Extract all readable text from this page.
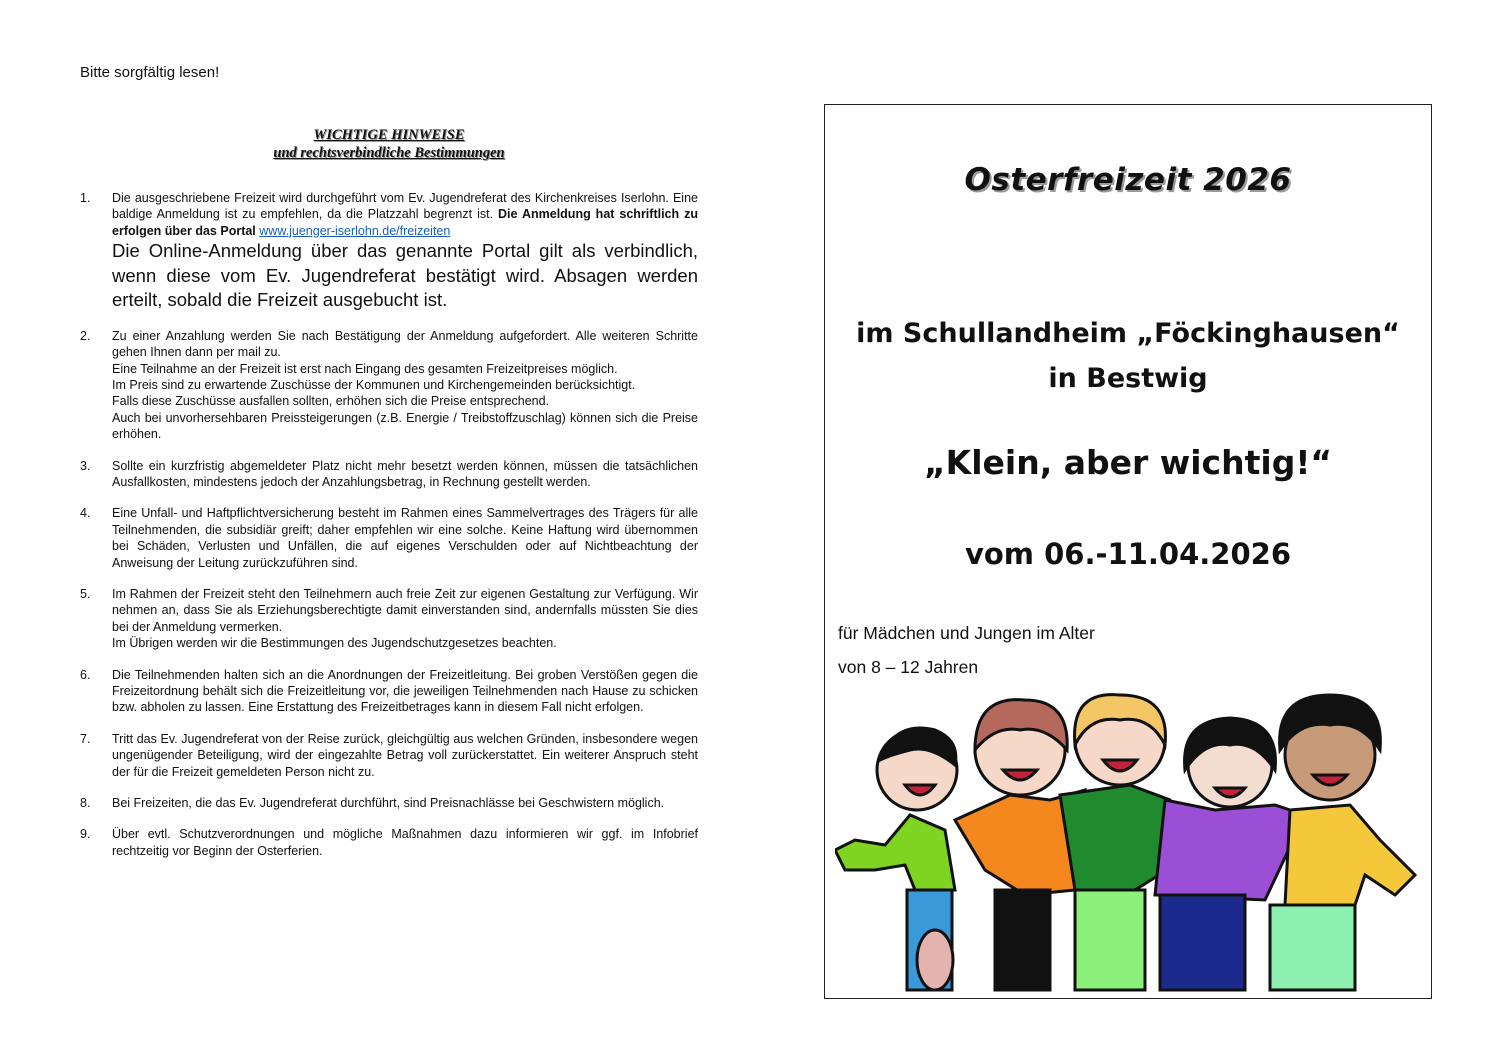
Bitte sorgfältig lesen!
WICHTIGE HINWEISE
und rechtsverbindliche Bestimmungen
1. Die ausgeschriebene Freizeit wird durchgeführt vom Ev. Jugendreferat des Kirchenkreises Iserlohn. Eine baldige Anmeldung ist zu empfehlen, da die Platzzahl begrenzt ist. Die Anmeldung hat schriftlich zu erfolgen über das Portal www.juenger-iserlohn.de/freizeiten

Die Online-Anmeldung über das genannte Portal gilt als verbindlich, wenn diese vom Ev. Jugendreferat bestätigt wird. Absagen werden erteilt, sobald die Freizeit ausgebucht ist.

2. Zu einer Anzahlung werden Sie nach Bestätigung der Anmeldung aufgefordert. Alle weiteren Schritte gehen Ihnen dann per mail zu.

Eine Teilnahme an der Freizeit ist erst nach Eingang des gesamten Freizeitpreises möglich.

Im Preis sind zu erwartende Zuschüsse der Kommunen und Kirchengemeinden berücksichtigt.

Falls diese Zuschüsse ausfallen sollten, erhöhen sich die Preise entsprechend.

Auch bei unvorhersehbaren Preissteigerungen (z.B. Energie / Treibstoffzuschlag) können sich die Preise erhöhen.

3. Sollte ein kurzfristig abgemeldeter Platz nicht mehr besetzt werden können, müssen die tatsächlichen Ausfallkosten, mindestens jedoch der Anzahlungsbetrag, in Rechnung gestellt werden.

4. Eine Unfall- und Haftpflichtversicherung besteht im Rahmen eines Sammelvertrages des Trägers für alle Teilnehmenden, die subsidiär greift; daher empfehlen wir eine solche. Keine Haftung wird übernommen bei Schäden, Verlusten und Unfällen, die auf eigenes Verschulden oder auf Nichtbeachtung der Anweisung der Leitung zurückzuführen sind.

5. Im Rahmen der Freizeit steht den Teilnehmern auch freie Zeit zur eigenen Gestaltung zur Verfügung. Wir nehmen an, dass Sie als Erziehungsberechtigte damit einverstanden sind, andernfalls müssten Sie dies bei der Anmeldung vermerken.

Im Übrigen werden wir die Bestimmungen des Jugendschutzgesetzes beachten.

6. Die Teilnehmenden halten sich an die Anordnungen der Freizeitleitung. Bei groben Verstößen gegen die Freizeitordnung behält sich die Freizeitleitung vor, die jeweiligen Teilnehmenden nach Hause zu schicken bzw. abholen zu lassen. Eine Erstattung des Freizeitbetrages kann in diesem Fall nicht erfolgen.

7. Tritt das Ev. Jugendreferat von der Reise zurück, gleichgültig aus welchen Gründen, insbesondere wegen ungenügender Beteiligung, wird der eingezahlte Betrag voll zurückerstattet. Ein weiterer Anspruch steht der für die Freizeit gemeldeten Person nicht zu.

8. Bei Freizeiten, die das Ev. Jugendreferat durchführt, sind Preisnachlässe bei Geschwistern möglich.

9. Über evtl. Schutzverordnungen und mögliche Maßnahmen dazu informieren wir ggf. im Infobrief rechtzeitig vor Beginn der Osterferien.

Osterfreizeit 2026
im Schullandheim „Föckinghausen“
in Bestwig
„Klein, aber wichtig!“
vom 06.-11.04.2026
für Mädchen und Jungen im Alter
von 8 – 12 Jahren
